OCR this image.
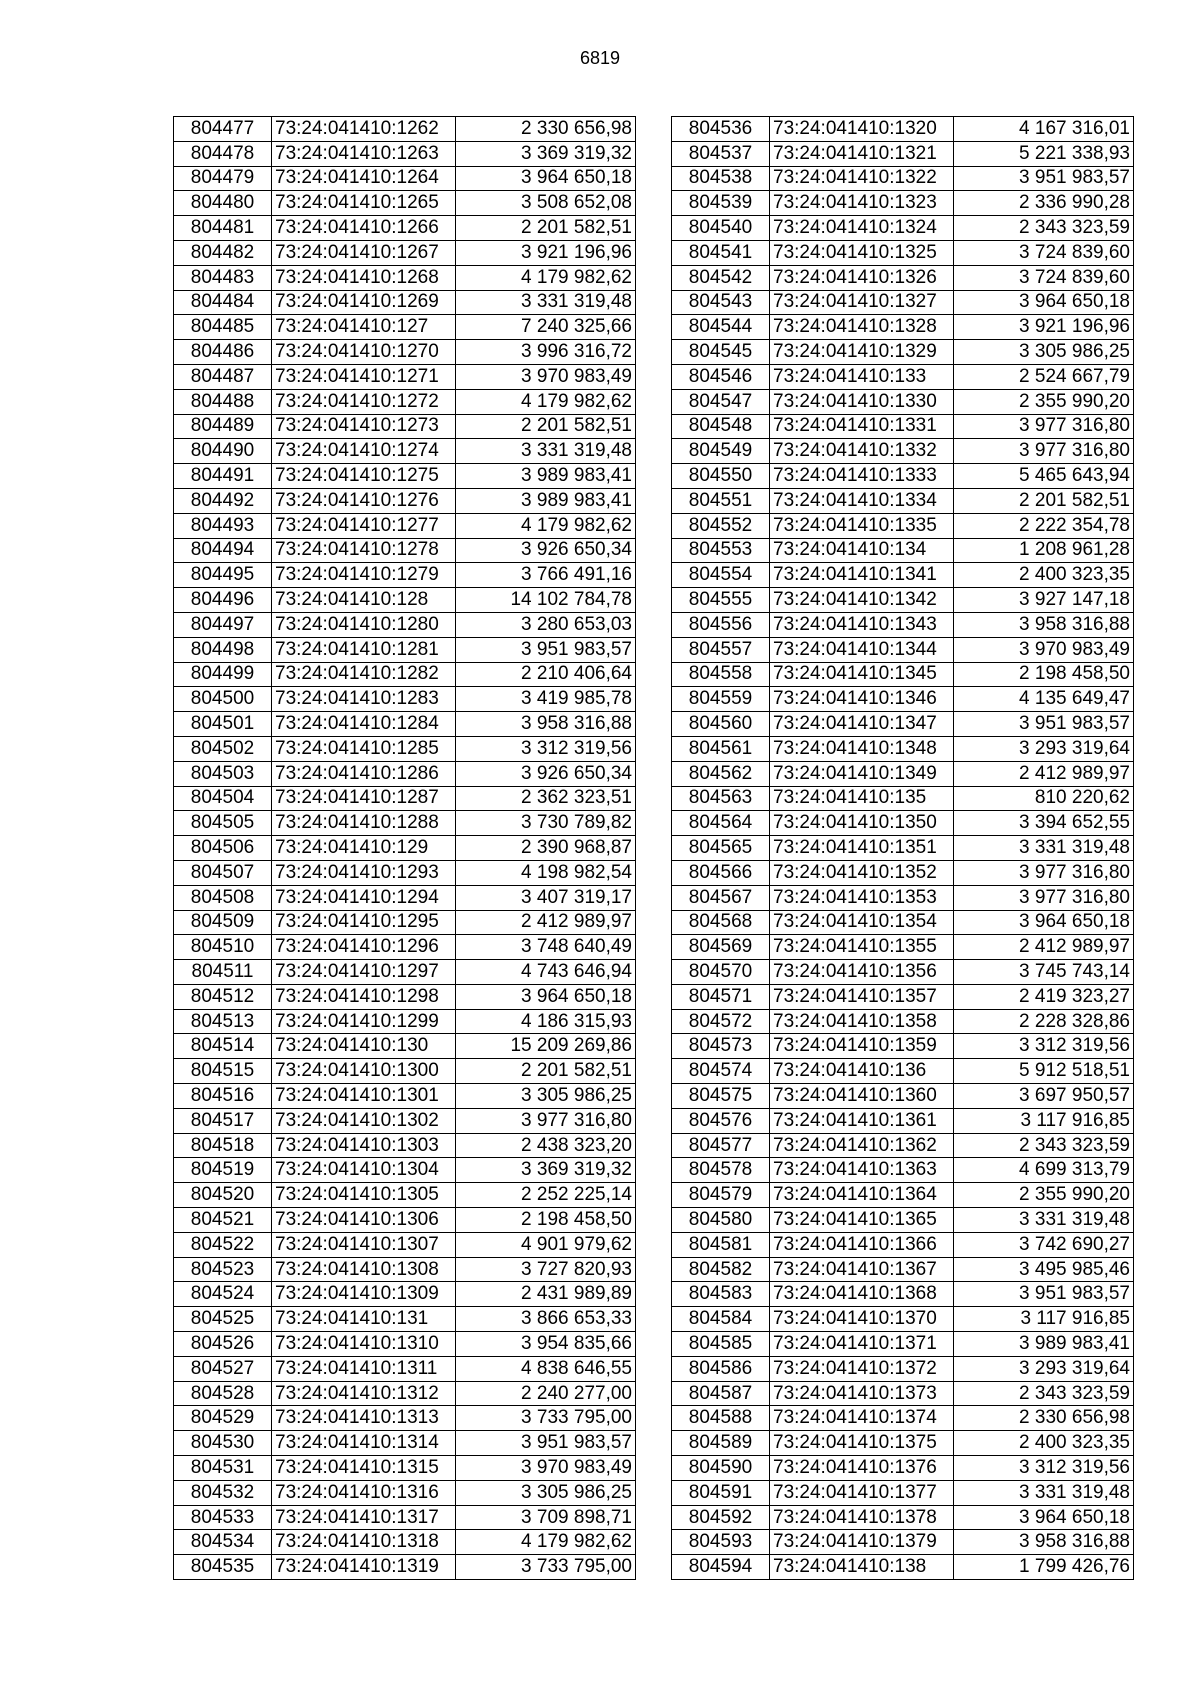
6819
804477	73:24:041410:1262	2 330 656,98
804478	73:24:041410:1263	3 369 319,32
804479	73:24:041410:1264	3 964 650,18
804480	73:24:041410:1265	3 508 652,08
804481	73:24:041410:1266	2 201 582,51
804482	73:24:041410:1267	3 921 196,96
804483	73:24:041410:1268	4 179 982,62
804484	73:24:041410:1269	3 331 319,48
804485	73:24:041410:127	7 240 325,66
804486	73:24:041410:1270	3 996 316,72
804487	73:24:041410:1271	3 970 983,49
804488	73:24:041410:1272	4 179 982,62
804489	73:24:041410:1273	2 201 582,51
804490	73:24:041410:1274	3 331 319,48
804491	73:24:041410:1275	3 989 983,41
804492	73:24:041410:1276	3 989 983,41
804493	73:24:041410:1277	4 179 982,62
804494	73:24:041410:1278	3 926 650,34
804495	73:24:041410:1279	3 766 491,16
804496	73:24:041410:128	14 102 784,78
804497	73:24:041410:1280	3 280 653,03
804498	73:24:041410:1281	3 951 983,57
804499	73:24:041410:1282	2 210 406,64
804500	73:24:041410:1283	3 419 985,78
804501	73:24:041410:1284	3 958 316,88
804502	73:24:041410:1285	3 312 319,56
804503	73:24:041410:1286	3 926 650,34
804504	73:24:041410:1287	2 362 323,51
804505	73:24:041410:1288	3 730 789,82
804506	73:24:041410:129	2 390 968,87
804507	73:24:041410:1293	4 198 982,54
804508	73:24:041410:1294	3 407 319,17
804509	73:24:041410:1295	2 412 989,97
804510	73:24:041410:1296	3 748 640,49
804511	73:24:041410:1297	4 743 646,94
804512	73:24:041410:1298	3 964 650,18
804513	73:24:041410:1299	4 186 315,93
804514	73:24:041410:130	15 209 269,86
804515	73:24:041410:1300	2 201 582,51
804516	73:24:041410:1301	3 305 986,25
804517	73:24:041410:1302	3 977 316,80
804518	73:24:041410:1303	2 438 323,20
804519	73:24:041410:1304	3 369 319,32
804520	73:24:041410:1305	2 252 225,14
804521	73:24:041410:1306	2 198 458,50
804522	73:24:041410:1307	4 901 979,62
804523	73:24:041410:1308	3 727 820,93
804524	73:24:041410:1309	2 431 989,89
804525	73:24:041410:131	3 866 653,33
804526	73:24:041410:1310	3 954 835,66
804527	73:24:041410:1311	4 838 646,55
804528	73:24:041410:1312	2 240 277,00
804529	73:24:041410:1313	3 733 795,00
804530	73:24:041410:1314	3 951 983,57
804531	73:24:041410:1315	3 970 983,49
804532	73:24:041410:1316	3 305 986,25
804533	73:24:041410:1317	3 709 898,71
804534	73:24:041410:1318	4 179 982,62
804535	73:24:041410:1319	3 733 795,00
804536	73:24:041410:1320	4 167 316,01
804537	73:24:041410:1321	5 221 338,93
804538	73:24:041410:1322	3 951 983,57
804539	73:24:041410:1323	2 336 990,28
804540	73:24:041410:1324	2 343 323,59
804541	73:24:041410:1325	3 724 839,60
804542	73:24:041410:1326	3 724 839,60
804543	73:24:041410:1327	3 964 650,18
804544	73:24:041410:1328	3 921 196,96
804545	73:24:041410:1329	3 305 986,25
804546	73:24:041410:133	2 524 667,79
804547	73:24:041410:1330	2 355 990,20
804548	73:24:041410:1331	3 977 316,80
804549	73:24:041410:1332	3 977 316,80
804550	73:24:041410:1333	5 465 643,94
804551	73:24:041410:1334	2 201 582,51
804552	73:24:041410:1335	2 222 354,78
804553	73:24:041410:134	1 208 961,28
804554	73:24:041410:1341	2 400 323,35
804555	73:24:041410:1342	3 927 147,18
804556	73:24:041410:1343	3 958 316,88
804557	73:24:041410:1344	3 970 983,49
804558	73:24:041410:1345	2 198 458,50
804559	73:24:041410:1346	4 135 649,47
804560	73:24:041410:1347	3 951 983,57
804561	73:24:041410:1348	3 293 319,64
804562	73:24:041410:1349	2 412 989,97
804563	73:24:041410:135	810 220,62
804564	73:24:041410:1350	3 394 652,55
804565	73:24:041410:1351	3 331 319,48
804566	73:24:041410:1352	3 977 316,80
804567	73:24:041410:1353	3 977 316,80
804568	73:24:041410:1354	3 964 650,18
804569	73:24:041410:1355	2 412 989,97
804570	73:24:041410:1356	3 745 743,14
804571	73:24:041410:1357	2 419 323,27
804572	73:24:041410:1358	2 228 328,86
804573	73:24:041410:1359	3 312 319,56
804574	73:24:041410:136	5 912 518,51
804575	73:24:041410:1360	3 697 950,57
804576	73:24:041410:1361	3 117 916,85
804577	73:24:041410:1362	2 343 323,59
804578	73:24:041410:1363	4 699 313,79
804579	73:24:041410:1364	2 355 990,20
804580	73:24:041410:1365	3 331 319,48
804581	73:24:041410:1366	3 742 690,27
804582	73:24:041410:1367	3 495 985,46
804583	73:24:041410:1368	3 951 983,57
804584	73:24:041410:1370	3 117 916,85
804585	73:24:041410:1371	3 989 983,41
804586	73:24:041410:1372	3 293 319,64
804587	73:24:041410:1373	2 343 323,59
804588	73:24:041410:1374	2 330 656,98
804589	73:24:041410:1375	2 400 323,35
804590	73:24:041410:1376	3 312 319,56
804591	73:24:041410:1377	3 331 319,48
804592	73:24:041410:1378	3 964 650,18
804593	73:24:041410:1379	3 958 316,88
804594	73:24:041410:138	1 799 426,76
